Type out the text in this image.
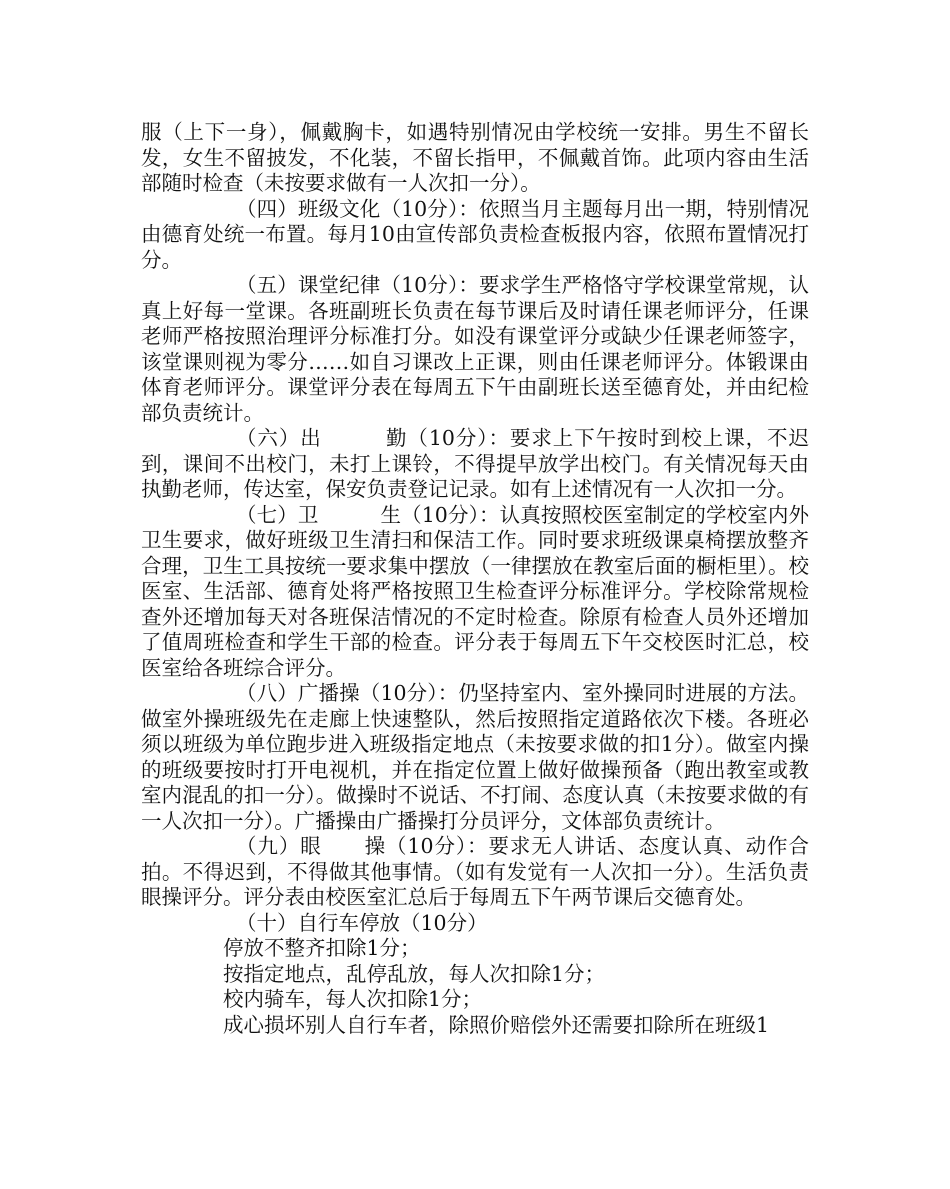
服（上下一身），佩戴胸卡，如遇特别情况由学校统一安排。男生不留长发，女生不留披发，不化装，不留长指甲，不佩戴首饰。此项内容由生活部随时检查（未按要求做有一人次扣一分）。

（四）班级文化（10分）：依照当月主题每月出一期，特别情况由德育处统一布置。每月10由宣传部负责检查板报内容，依照布置情况打分。

（五）课堂纪律（10分）：要求学生严格恪守学校课堂常规，认真上好每一堂课。各班副班长负责在每节课后及时请任课老师评分，任课老师严格按照治理评分标准打分。如没有课堂评分或缺少任课老师签字，该堂课则视为零分……如自习课改上正课，则由任课老师评分。体锻课由体育老师评分。课堂评分表在每周五下午由副班长送至德育处，并由纪检部负责统计。

（六）出　　　勤（10分）：要求上下午按时到校上课，不迟到，课间不出校门，未打上课铃，不得提早放学出校门。有关情况每天由执勤老师，传达室，保安负责登记记录。如有上述情况有一人次扣一分。

（七）卫　　　生（10分）：认真按照校医室制定的学校室内外卫生要求，做好班级卫生清扫和保洁工作。同时要求班级课桌椅摆放整齐合理，卫生工具按统一要求集中摆放（一律摆放在教室后面的橱柜里）。校医室、生活部、德育处将严格按照卫生检查评分标准评分。学校除常规检查外还增加每天对各班保洁情况的不定时检查。除原有检查人员外还增加了值周班检查和学生干部的检查。评分表于每周五下午交校医时汇总，校医室给各班综合评分。

（八）广播操（10分）：仍坚持室内、室外操同时进展的方法。做室外操班级先在走廊上快速整队，然后按照指定道路依次下楼。各班必须以班级为单位跑步进入班级指定地点（未按要求做的扣1分）。做室内操的班级要按时打开电视机，并在指定位置上做好做操预备（跑出教室或教室内混乱的扣一分）。做操时不说话、不打闹、态度认真（未按要求做的有一人次扣一分）。广播操由广播操打分员评分，文体部负责统计。

（九）眼　　操（10分）：要求无人讲话、态度认真、动作合拍。不得迟到，不得做其他事情。（如有发觉有一人次扣一分）。生活负责眼操评分。评分表由校医室汇总后于每周五下午两节课后交德育处。

（十）自行车停放（10分）

停放不整齐扣除1分；

按指定地点，乱停乱放，每人次扣除1分；

校内骑车，每人次扣除1分；

成心损坏别人自行车者，除照价赔偿外还需要扣除所在班级1
